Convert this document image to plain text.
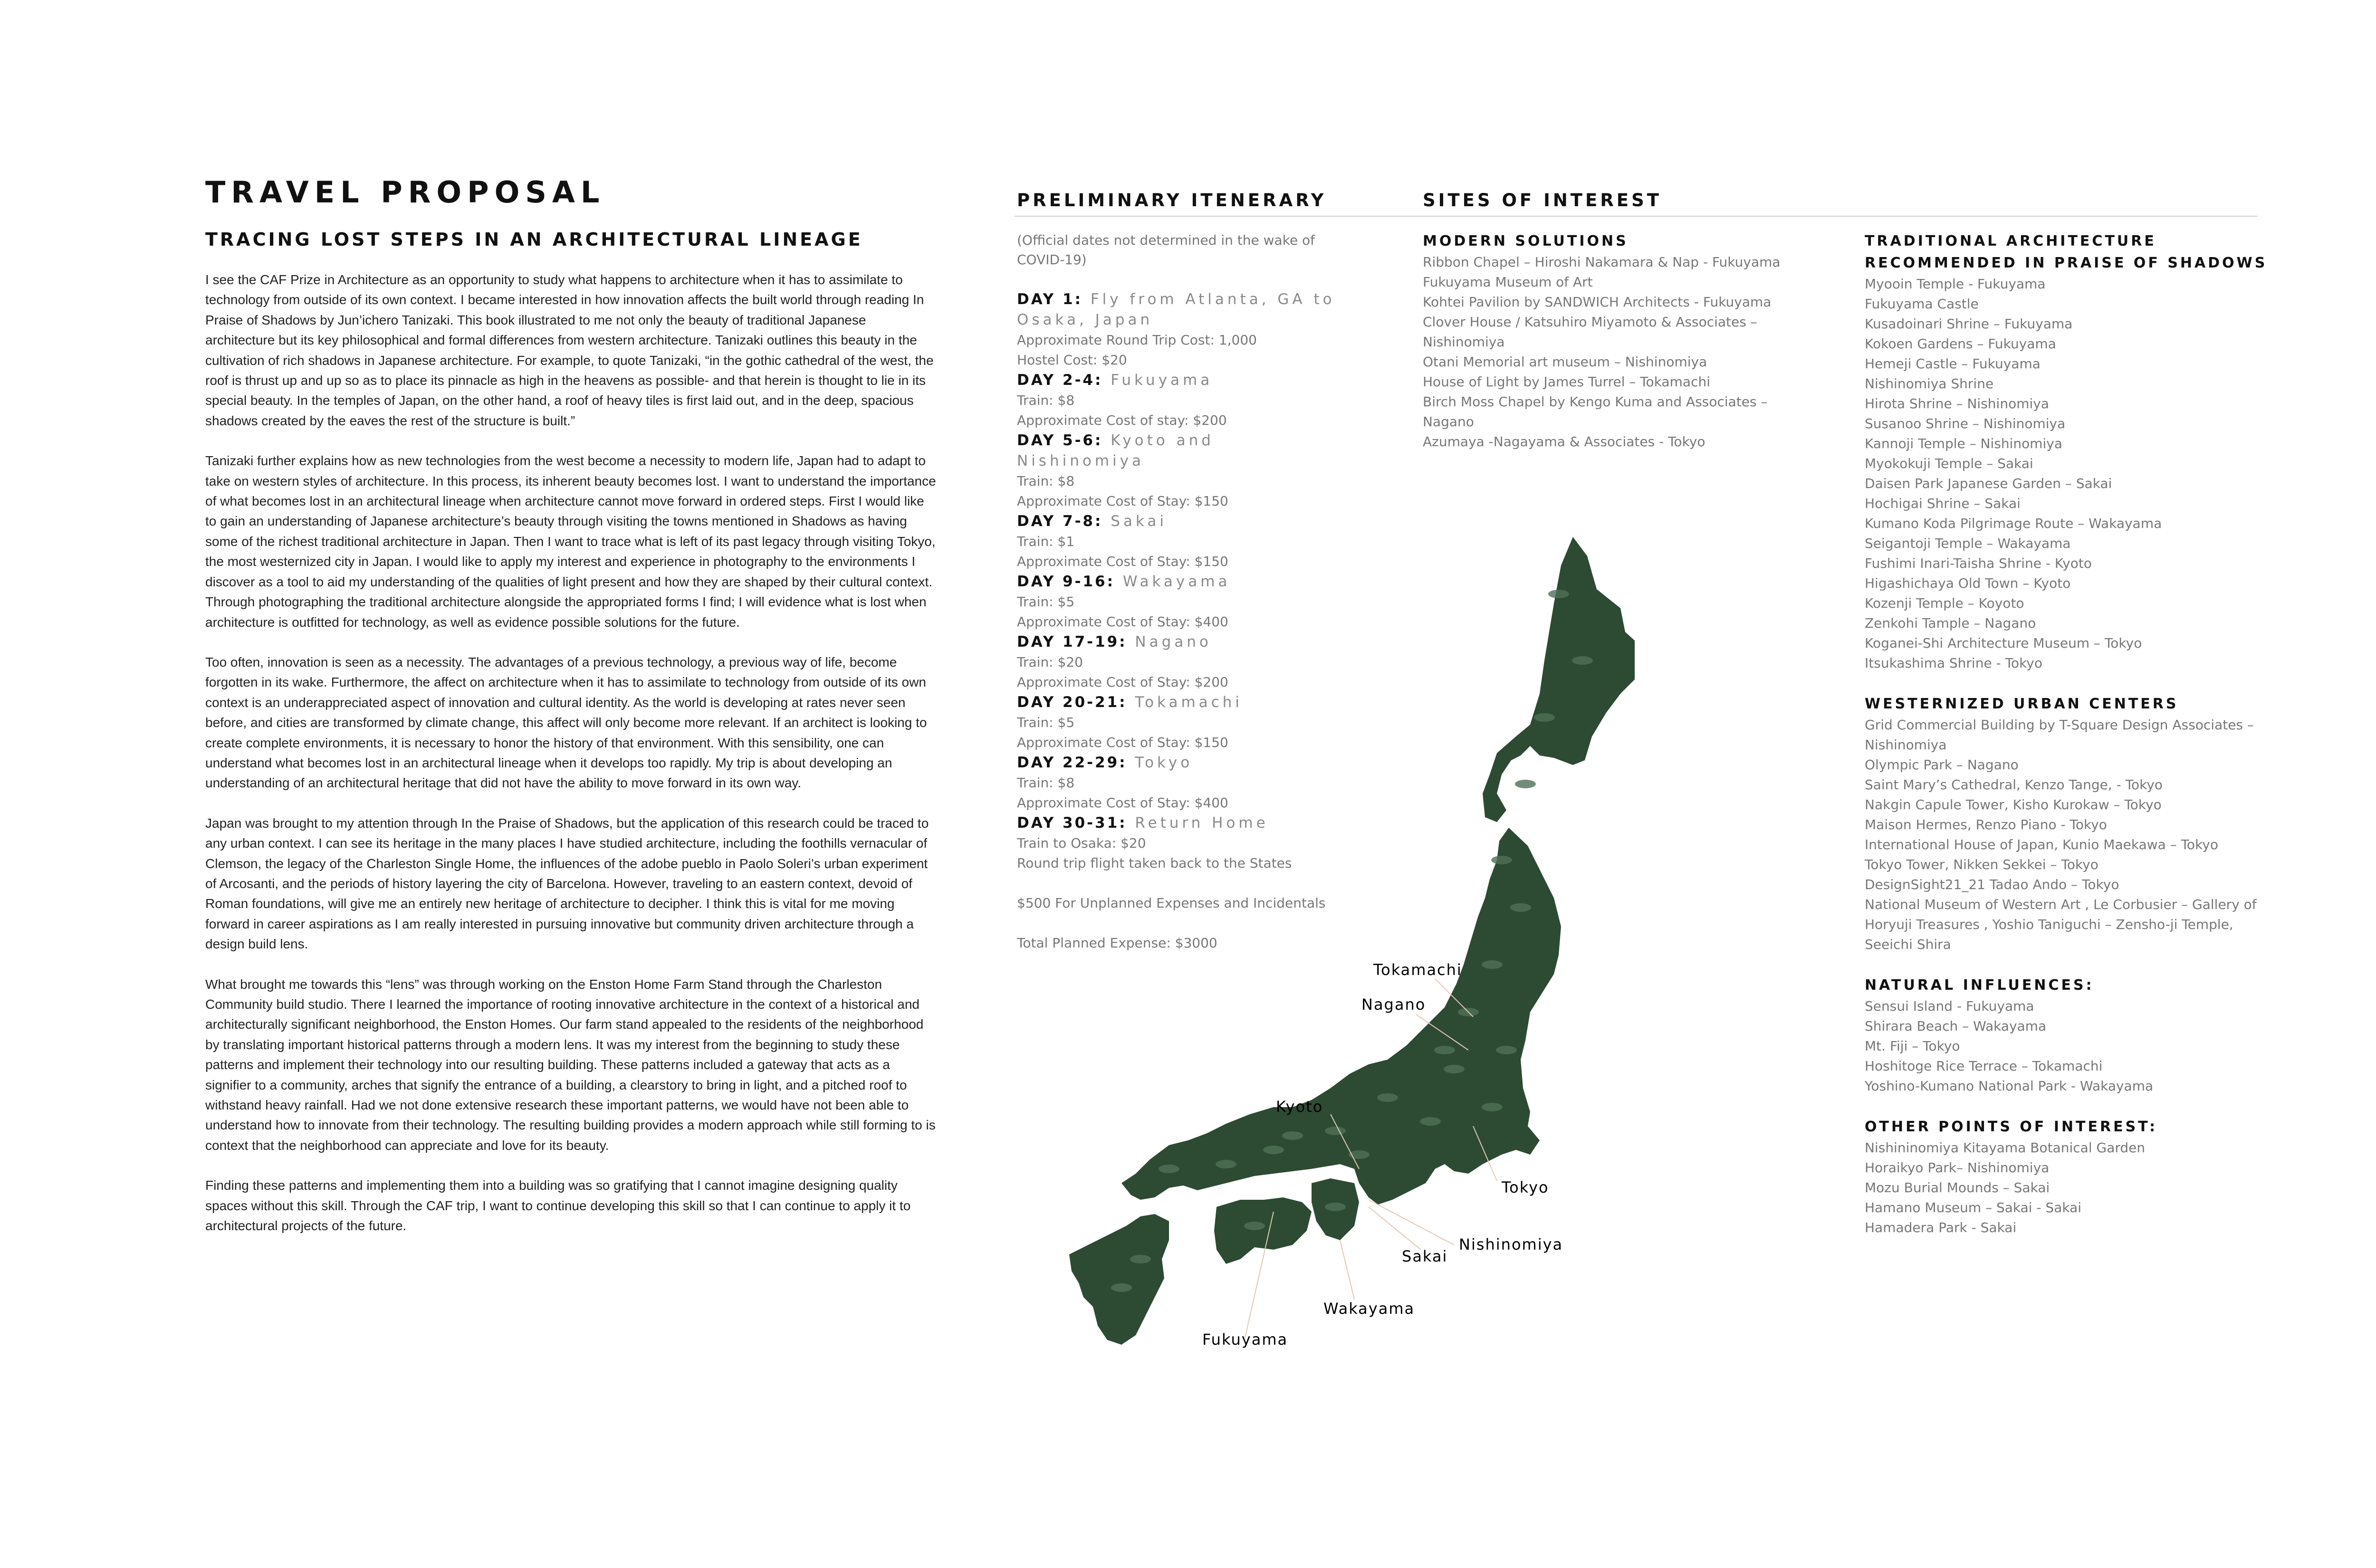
TRAVEL PROPOSAL
TRACING LOST STEPS IN AN ARCHITECTURAL LINEAGE

I see the CAF Prize in Architecture as an opportunity to study what happens to architecture when it has to assimilate to technology from outside of its own context. I became interested in how innovation affects the built world through reading In Praise of Shadows by Jun’ichero Tanizaki. This book illustrated to me not only the beauty of traditional Japanese architecture but its key philosophical and formal differences from western architecture. Tanizaki outlines this beauty in the cultivation of rich shadows in Japanese architecture. For example, to quote Tanizaki, “in the gothic cathedral of the west, the roof is thrust up and up so as to place its pinnacle as high in the heavens as possible- and that herein is thought to lie in its special beauty. In the temples of Japan, on the other hand, a roof of heavy tiles is first laid out, and in the deep, spacious shadows created by the eaves the rest of the structure is built.”

Tanizaki further explains how as new technologies from the west become a necessity to modern life, Japan had to adapt to take on western styles of architecture. In this process, its inherent beauty becomes lost. I want to understand the importance of what becomes lost in an architectural lineage when architecture cannot move forward in ordered steps. First I would like to gain an understanding of Japanese architecture’s beauty through visiting the towns mentioned in Shadows as having some of the richest traditional architecture in Japan. Then I want to trace what is left of its past legacy through visiting Tokyo, the most westernized city in Japan. I would like to apply my interest and experience in photography to the environments I discover as a tool to aid my understanding of the qualities of light present and how they are shaped by their cultural context. Through photographing the traditional architecture alongside the appropriated forms I find; I will evidence what is lost when architecture is outfitted for technology, as well as evidence possible solutions for the future.

Too often, innovation is seen as a necessity. The advantages of a previous technology, a previous way of life, become forgotten in its wake. Furthermore, the affect on architecture when it has to assimilate to technology from outside of its own context is an underappreciated aspect of innovation and cultural identity. As the world is developing at rates never seen before, and cities are transformed by climate change, this affect will only become more relevant. If an architect is looking to create complete environments, it is necessary to honor the history of that environment. With this sensibility, one can understand what becomes lost in an architectural lineage when it develops too rapidly. My trip is about developing an understanding of an architectural heritage that did not have the ability to move forward in its own way.

Japan was brought to my attention through In the Praise of Shadows, but the application of this research could be traced to any urban context. I can see its heritage in the many places I have studied architecture, including the foothills vernacular of Clemson, the legacy of the Charleston Single Home, the influences of the adobe pueblo in Paolo Soleri’s urban experiment of Arcosanti, and the periods of history layering the city of Barcelona. However, traveling to an eastern context, devoid of Roman foundations, will give me an entirely new heritage of architecture to decipher. I think this is vital for me moving forward in career aspirations as I am really interested in pursuing innovative but community driven architecture through a design build lens.

What brought me towards this “lens” was through working on the Enston Home Farm Stand through the Charleston Community build studio. There I learned the importance of rooting innovative architecture in the context of a historical and architecturally significant neighborhood, the Enston Homes. Our farm stand appealed to the residents of the neighborhood by translating important historical patterns through a modern lens. It was my interest from the beginning to study these patterns and implement their technology into our resulting building. These patterns included a gateway that acts as a signifier to a community, arches that signify the entrance of a building, a clearstory to bring in light, and a pitched roof to withstand heavy rainfall. Had we not done extensive research these important patterns, we would have not been able to understand how to innovate from their technology. The resulting building provides a modern approach while still forming to is context that the neighborhood can appreciate and love for its beauty.

Finding these patterns and implementing them into a building was so gratifying that I cannot imagine designing quality spaces without this skill. Through the CAF trip, I want to continue developing this skill so that I can continue to apply it to architectural projects of the future.

PRELIMINARY ITENERARY	SITES OF INTEREST
(Official dates not determined in the wake of COVID-19)
DAY 1: Fly from Atlanta, GA to Osaka, Japan
Approximate Round Trip Cost: 1,000
Hostel Cost: $20
DAY 2-4: Fukuyama
Train: $8
Approximate Cost of stay: $200
DAY 5-6: Kyoto and Nishinomiya
Train: $8
Approximate Cost of Stay: $150
DAY 7-8: Sakai
Train: $1
Approximate Cost of Stay: $150
DAY 9-16: Wakayama
Train: $5
Approximate Cost of Stay: $400
DAY 17-19: Nagano
Train: $20
Approximate Cost of Stay: $200
DAY 20-21: Tokamachi
Train: $5
Approximate Cost of Stay: $150
DAY 22-29: Tokyo
Train: $8
Approximate Cost of Stay: $400
DAY 30-31: Return Home
Train to Osaka: $20
Round trip flight taken back to the States
$500 For Unplanned Expenses and Incidentals
Total Planned Expense: $3000
MODERN SOLUTIONS
Ribbon Chapel – Hiroshi Nakamara & Nap - Fukuyama
Fukuyama Museum of Art
Kohtei Pavilion by SANDWICH Architects - Fukuyama
Clover House / Katsuhiro Miyamoto & Associates – Nishinomiya
Otani Memorial art museum – Nishinomiya
House of Light by James Turrel – Tokamachi
Birch Moss Chapel by Kengo Kuma and Associates – Nagano
Azumaya -Nagayama & Associates - Tokyo
TRADITIONAL ARCHITECTURE
RECOMMENDED IN PRAISE OF SHADOWS
Myooin Temple - Fukuyama
Fukuyama Castle
Kusadoinari Shrine – Fukuyama
Kokoen Gardens – Fukuyama
Hemeji Castle – Fukuyama
Nishinomiya Shrine
Hirota Shrine – Nishinomiya
Susanoo Shrine – Nishinomiya
Kannoji Temple – Nishinomiya
Myokokuji Temple – Sakai
Daisen Park Japanese Garden – Sakai
Hochigai Shrine – Sakai
Kumano Koda Pilgrimage Route – Wakayama
Seigantoji Temple – Wakayama
Fushimi Inari-Taisha Shrine - Kyoto
Higashichaya Old Town – Kyoto
Kozenji Temple – Koyoto
Zenkohi Tample – Nagano
Koganei-Shi Architecture Museum – Tokyo
Itsukashima Shrine - Tokyo
WESTERNIZED URBAN CENTERS
Grid Commercial Building by T-Square Design Associates – Nishinomiya
Olympic Park – Nagano
Saint Mary’s Cathedral, Kenzo Tange, - Tokyo
Nakgin Capule Tower, Kisho Kurokaw – Tokyo
Maison Hermes, Renzo Piano - Tokyo
International House of Japan, Kunio Maekawa – Tokyo
Tokyo Tower, Nikken Sekkei – Tokyo
DesignSight21_21 Tadao Ando – Tokyo
National Museum of Western Art , Le Corbusier – Gallery of Horyuji Treasures , Yoshio Taniguchi – Zensho-ji Temple, Seeichi Shira
NATURAL INFLUENCES:
Sensui Island - Fukuyama
Shirara Beach – Wakayama
Mt. Fiji – Tokyo
Hoshitoge Rice Terrace – Tokamachi
Yoshino-Kumano National Park - Wakayama
OTHER POINTS OF INTEREST:
Nishininomiya Kitayama Botanical Garden
Horaikyo Park– Nishinomiya
Mozu Burial Mounds – Sakai
Hamano Museum – Sakai - Sakai
Hamadera Park - Sakai
Tokamachi
Nagano
Kyoto
Tokyo
Nishinomiya
Sakai
Wakayama
Fukuyama
